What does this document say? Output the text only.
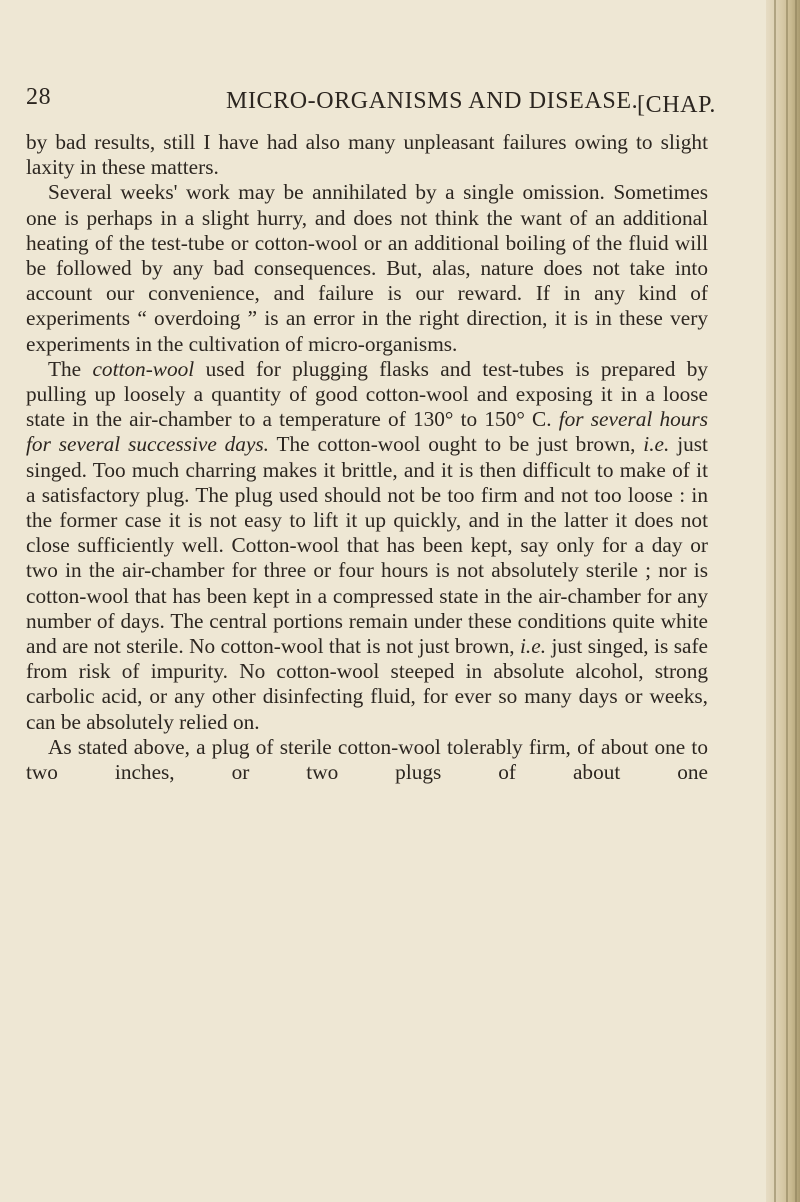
28	MICRO-ORGANISMS AND DISEASE.
[CHAP.

by bad results, still I have had also many unpleasant failures owing to slight laxity in these matters.

Several weeks' work may be annihilated by a single omission. Sometimes one is perhaps in a slight hurry, and does not think the want of an additional heating of the test-tube or cotton-wool or an additional boiling of the fluid will be followed by any bad consequences. But, alas, nature does not take into account our convenience, and failure is our reward. If in any kind of experiments “ overdoing ” is an error in the right direction, it is in these very experiments in the cultivation of micro-organisms.

The cotton-wool used for plugging flasks and test-tubes is prepared by pulling up loosely a quantity of good cotton-wool and exposing it in a loose state in the air-chamber to a temperature of 130° to 150° C. for several hours for several successive days. The cotton-wool ought to be just brown, i.e. just singed. Too much charring makes it brittle, and it is then difficult to make of it a satisfactory plug. The plug used should not be too firm and not too loose : in the former case it is not easy to lift it up quickly, and in the latter it does not close sufficiently well. Cotton-wool that has been kept, say only for a day or two in the air-chamber for three or four hours is not absolutely sterile ; nor is cotton-wool that has been kept in a compressed state in the air-chamber for any number of days. The central portions remain under these conditions quite white and are not sterile. No cotton-wool that is not just brown, i.e. just singed, is safe from risk of impurity. No cotton-wool steeped in absolute alcohol, strong carbolic acid, or any other disinfecting fluid, for ever so many days or weeks, can be absolutely relied on.

As stated above, a plug of sterile cotton-wool tolerably firm, of about one to two inches, or two plugs of about one
